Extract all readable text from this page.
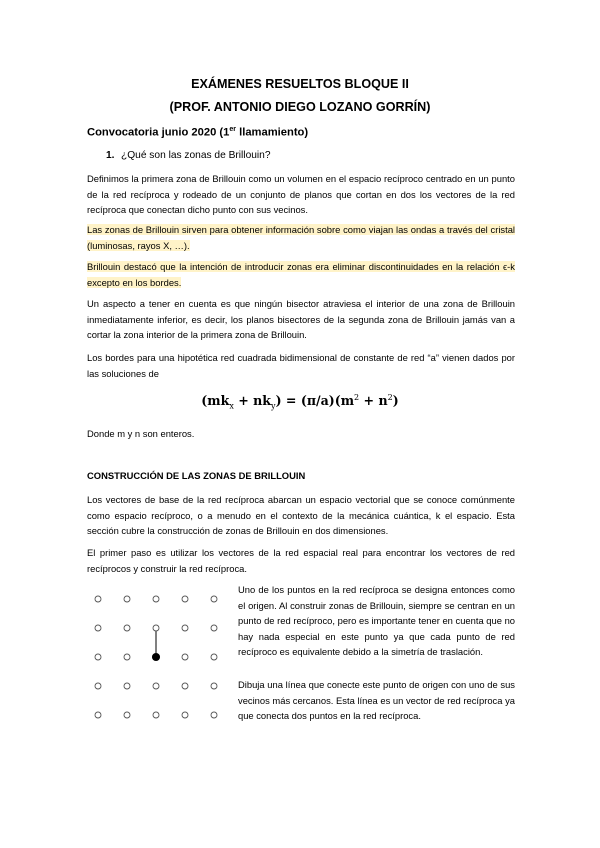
EXÁMENES RESUELTOS BLOQUE II
(PROF. ANTONIO DIEGO LOZANO GORRÍN)
Convocatoria junio 2020 (1er llamamiento)
1. ¿Qué son las zonas de Brillouin?

Definimos la primera zona de Brillouin como un volumen en el espacio recíproco centrado en un punto de la red recíproca y rodeado de un conjunto de planos que cortan en dos los vectores de la red recíproca que conectan dicho punto con sus vecinos.

Las zonas de Brillouin sirven para obtener información sobre como viajan las ondas a través del cristal (luminosas, rayos X, …).

Brillouin destacó que la intención de introducir zonas era eliminar discontinuidades en la relación ϵ-k excepto en los bordes.

Un aspecto a tener en cuenta es que ningún bisector atraviesa el interior de una zona de Brillouin inmediatamente inferior, es decir, los planos bisectores de la segunda zona de Brillouin jamás van a cortar la zona interior de la primera zona de Brillouin.

Los bordes para una hipotética red cuadrada bidimensional de constante de red “a” vienen dados por las soluciones de

$(mk_x + nk_y) = (\pi/a)(m^2 + n^2)$

Donde m y n son enteros.

CONSTRUCCIÓN DE LAS ZONAS DE BRILLOUIN

Los vectores de base de la red recíproca abarcan un espacio vectorial que se conoce comúnmente como espacio recíproco, o a menudo en el contexto de la mecánica cuántica, k el espacio. Esta sección cubre la construcción de zonas de Brillouin en dos dimensiones.

El primer paso es utilizar los vectores de la red espacial real para encontrar los vectores de red recíprocos y construir la red recíproca.

Uno de los puntos en la red recíproca se designa entonces como el origen. Al construir zonas de Brillouin, siempre se centran en un punto de red recíproco, pero es importante tener en cuenta que no hay nada especial en este punto ya que cada punto de red recíproco es equivalente debido a la simetría de traslación.

Dibuja una línea que conecte este punto de origen con uno de sus vecinos más cercanos. Esta línea es un vector de red recíproca ya que conecta dos puntos en la red recíproca.
